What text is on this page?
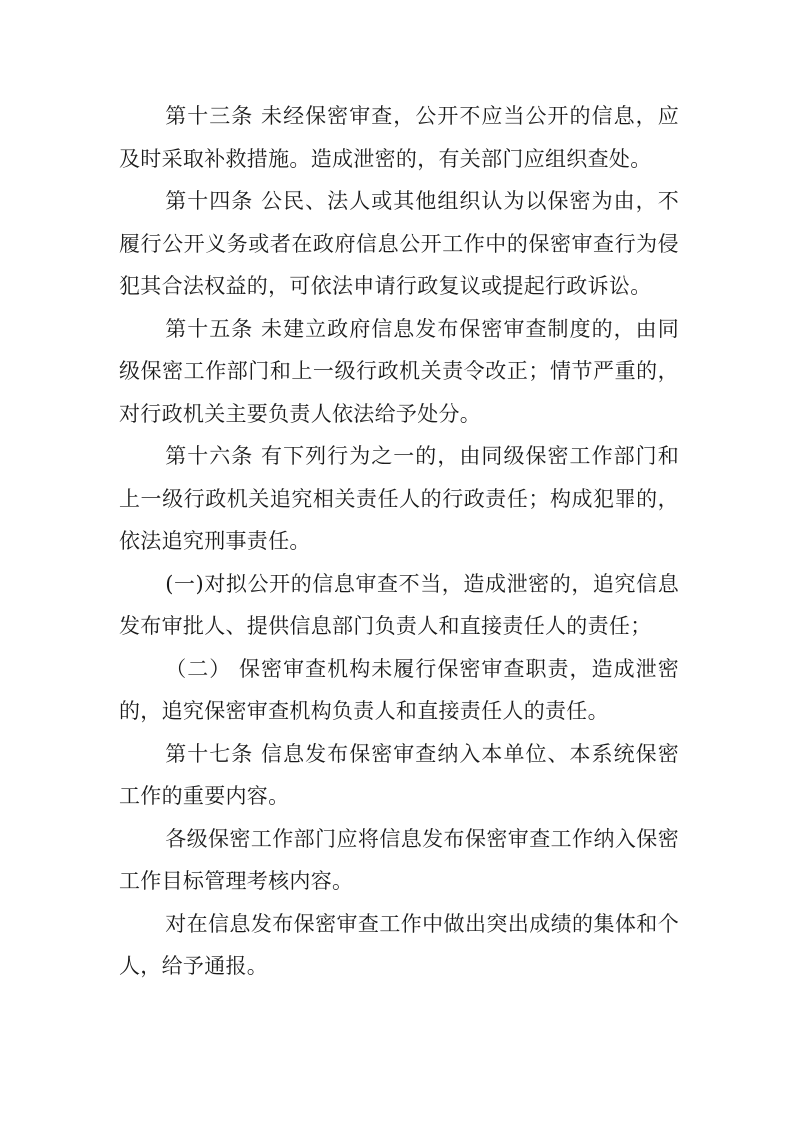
第十三条 未经保密审查，公开不应当公开的信息，应及时采取补救措施。造成泄密的，有关部门应组织查处。

第十四条 公民、法人或其他组织认为以保密为由，不履行公开义务或者在政府信息公开工作中的保密审查行为侵犯其合法权益的，可依法申请行政复议或提起行政诉讼。

第十五条 未建立政府信息发布保密审查制度的，由同级保密工作部门和上一级行政机关责令改正；情节严重的，对行政机关主要负责人依法给予处分。

第十六条 有下列行为之一的，由同级保密工作部门和上一级行政机关追究相关责任人的行政责任；构成犯罪的，依法追究刑事责任。

(一)对拟公开的信息审查不当，造成泄密的，追究信息发布审批人、提供信息部门负责人和直接责任人的责任；

（二） 保密审查机构未履行保密审查职责，造成泄密的，追究保密审查机构负责人和直接责任人的责任。

第十七条 信息发布保密审查纳入本单位、本系统保密工作的重要内容。

各级保密工作部门应将信息发布保密审查工作纳入保密工作目标管理考核内容。

对在信息发布保密审查工作中做出突出成绩的集体和个人，给予通报。
